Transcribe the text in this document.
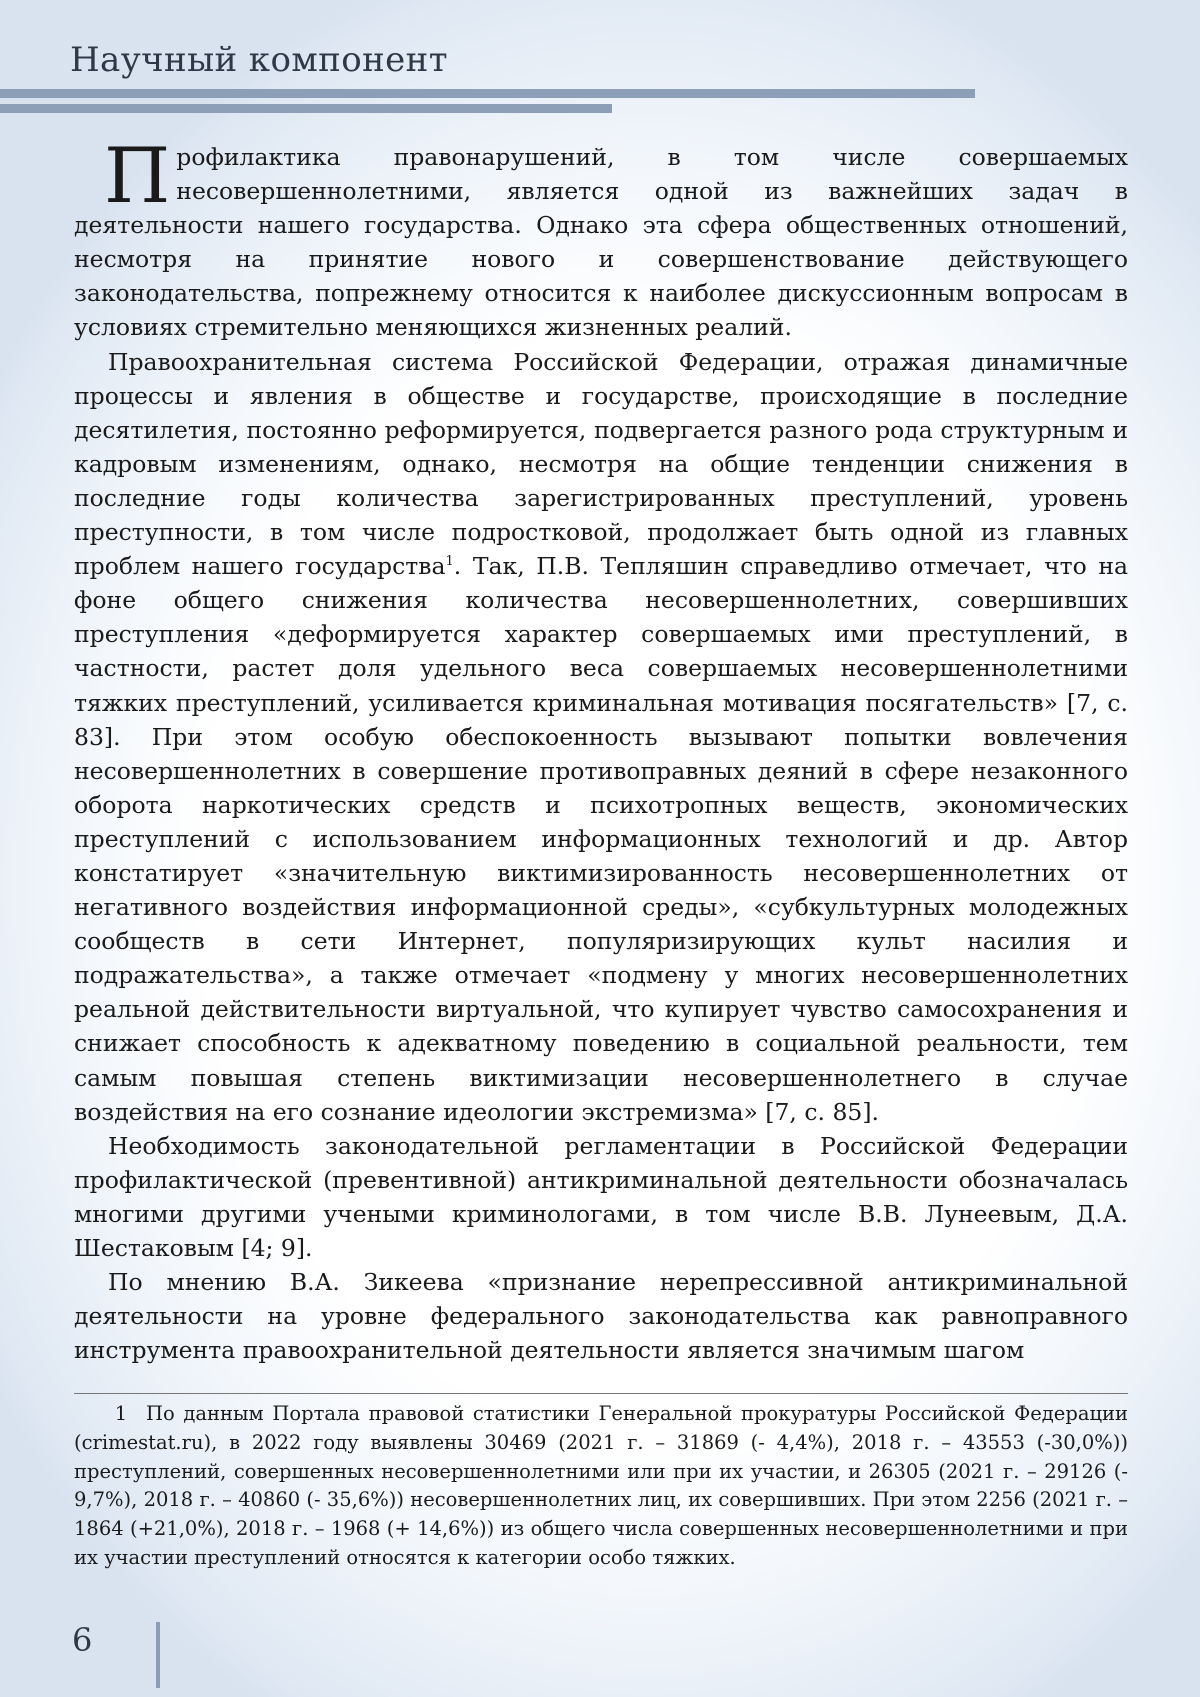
Научный компонент

Профилактика правонарушений, в том числе совершаемых несовершеннолетними, является одной из важнейших задач в деятельности нашего государства. Однако эта сфера общественных отношений, несмотря на принятие нового и совершенствование действующего законодательства, попрежнему относится к наиболее дискуссионным вопросам в условиях стремительно меняющихся жизненных реалий.

Правоохранительная система Российской Федерации, отражая динамичные процессы и явления в обществе и государстве, происходящие в последние десятилетия, постоянно реформируется, подвергается разного рода структурным и кадровым изменениям, однако, несмотря на общие тенденции снижения в последние годы количества зарегистрированных преступлений, уровень преступности, в том числе подростковой, продолжает быть одной из главных проблем нашего государства$^1$. Так, П.В. Тепляшин справедливо отмечает, что на фоне общего снижения количества несовершеннолетних, совершивших преступления «деформируется характер совершаемых ими преступлений, в частности, растет доля удельного веса совершаемых несовершеннолетними тяжких преступлений, усиливается криминальная мотивация посягательств» [7, с. 83]. При этом особую обеспокоенность вызывают попытки вовлечения несовершеннолетних в совершение противоправных деяний в сфере незаконного оборота наркотических средств и психотропных веществ, экономических преступлений с использованием информационных технологий и др. Автор констатирует «значительную виктимизированность несовершеннолетних от негативного воздействия информационной среды», «субкультурных молодежных сообществ в сети Интернет, популяризирующих культ насилия и подражательства», а также отмечает «подмену у многих несовершеннолетних реальной действительности виртуальной, что купирует чувство самосохранения и снижает способность к адекватному поведению в социальной реальности, тем самым повышая степень виктимизации несовершеннолетнего в случае воздействия на его сознание идеологии экстремизма» [7, с. 85].

Необходимость законодательной регламентации в Российской Федерации профилактической (превентивной) антикриминальной деятельности обозначалась многими другими учеными криминологами, в том числе В.В. Лунеевым, Д.А. Шестаковым [4; 9].

По мнению В.А. Зикеева «признание нерепрессивной антикриминальной деятельности на уровне федерального законодательства как равноправного инструмента правоохранительной деятельности является значимым шагом

1 По данным Портала правовой статистики Генеральной прокуратуры Российской Федерации (crimestat.ru), в 2022 году выявлены 30469 (2021 г. – 31869 (- 4,4%), 2018 г. – 43553 (-30,0%)) преступлений, совершенных несовершеннолетними или при их участии, и 26305 (2021 г. – 29126 (- 9,7%), 2018 г. – 40860 (- 35,6%)) несовершеннолетних лиц, их совершивших. При этом 2256 (2021 г. – 1864 (+21,0%), 2018 г. – 1968 (+ 14,6%)) из общего числа совершенных несовершеннолетними и при их участии преступлений относятся к категории особо тяжких.

6
